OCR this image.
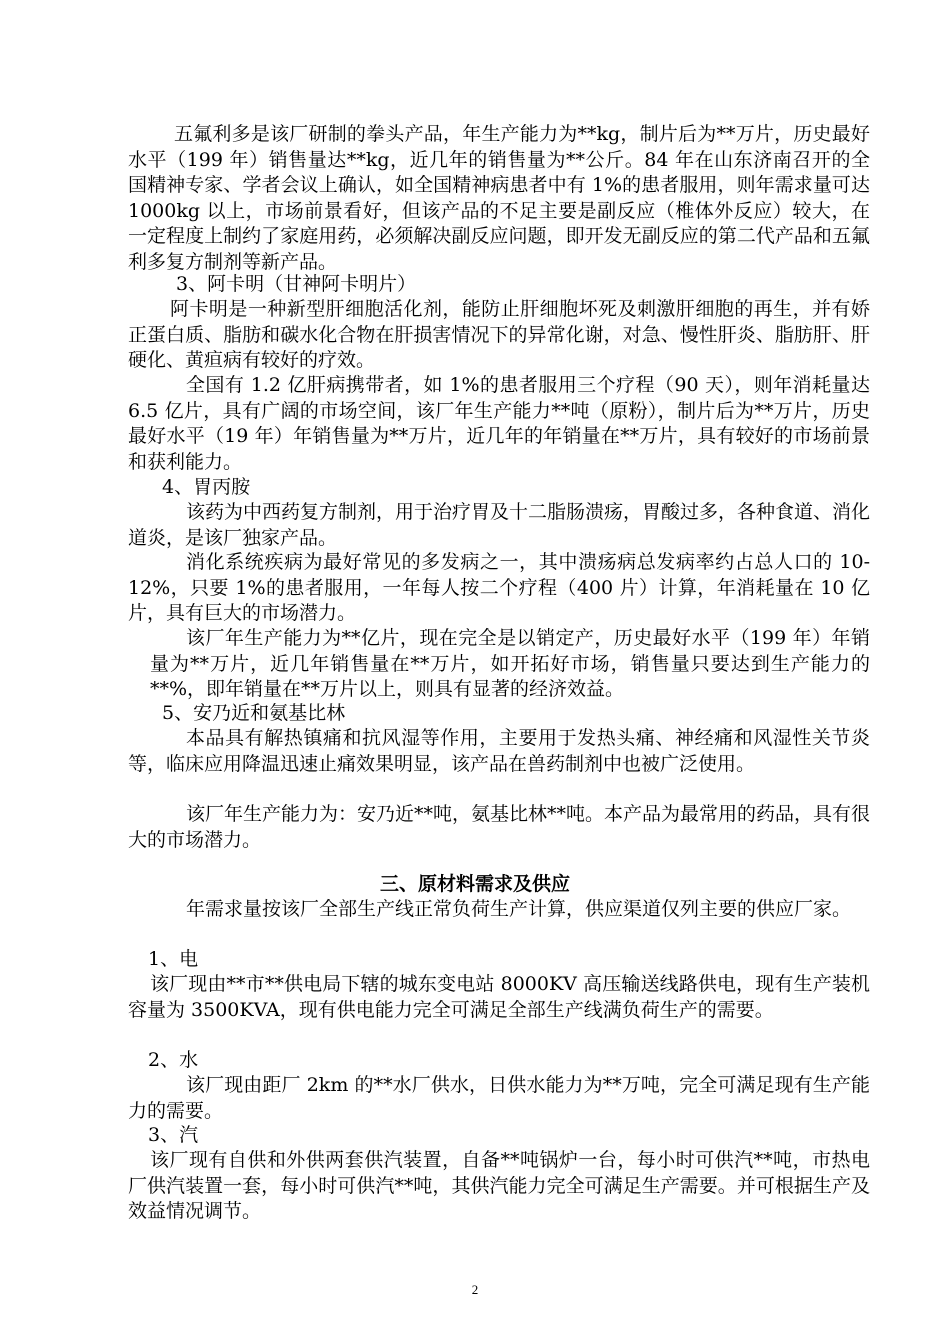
五氟利多是该厂研制的拳头产品，年生产能力为**kg，制片后为**万片，历史最好水平（199 年）销售量达**kg，近几年的销售量为**公斤。84 年在山东济南召开的全国精神专家、学者会议上确认，如全国精神病患者中有 1%的患者服用，则年需求量可达 1000kg 以上，市场前景看好，但该产品的不足主要是副反应（椎体外反应）较大，在一定程度上制约了家庭用药，必须解决副反应问题，即开发无副反应的第二代产品和五氟利多复方制剂等新产品。

3、阿卡明（甘神阿卡明片）

阿卡明是一种新型肝细胞活化剂，能防止肝细胞坏死及刺激肝细胞的再生，并有娇正蛋白质、脂肪和碳水化合物在肝损害情况下的异常化谢，对急、慢性肝炎、脂肪肝、肝硬化、黄疸病有较好的疗效。

全国有 1.2 亿肝病携带者，如 1%的患者服用三个疗程（90 天），则年消耗量达 6.5 亿片，具有广阔的市场空间，该厂年生产能力**吨（原粉），制片后为**万片，历史最好水平（19 年）年销售量为**万片，近几年的年销量在**万片，具有较好的市场前景和获利能力。

4、胃丙胺

该药为中西药复方制剂，用于治疗胃及十二脂肠溃疡，胃酸过多，各种食道、消化道炎，是该厂独家产品。

消化系统疾病为最好常见的多发病之一，其中溃疡病总发病率约占总人口的 10-12%，只要 1%的患者服用，一年每人按二个疗程（400 片）计算，年消耗量在 10 亿片，具有巨大的市场潜力。

该厂年生产能力为**亿片，现在完全是以销定产，历史最好水平（199 年）年销量为**万片，近几年销售量在**万片，如开拓好市场，销售量只要达到生产能力的**%，即年销量在**万片以上，则具有显著的经济效益。

5、安乃近和氨基比林

本品具有解热镇痛和抗风湿等作用，主要用于发热头痛、神经痛和风湿性关节炎等，临床应用降温迅速止痛效果明显，该产品在兽药制剂中也被广泛使用。

该厂年生产能力为：安乃近**吨，氨基比林**吨。本产品为最常用的药品，具有很大的市场潜力。

三、原材料需求及供应

年需求量按该厂全部生产线正常负荷生产计算，供应渠道仅列主要的供应厂家。

1、电

该厂现由**市**供电局下辖的城东变电站 8000KV 高压输送线路供电，现有生产装机容量为 3500KVA，现有供电能力完全可满足全部生产线满负荷生产的需要。

2、水

该厂现由距厂 2km 的**水厂供水，日供水能力为**万吨，完全可满足现有生产能力的需要。

3、汽

该厂现有自供和外供两套供汽装置，自备**吨锅炉一台，每小时可供汽**吨，市热电厂供汽装置一套，每小时可供汽**吨，其供汽能力完全可满足生产需要。并可根据生产及效益情况调节。

2
